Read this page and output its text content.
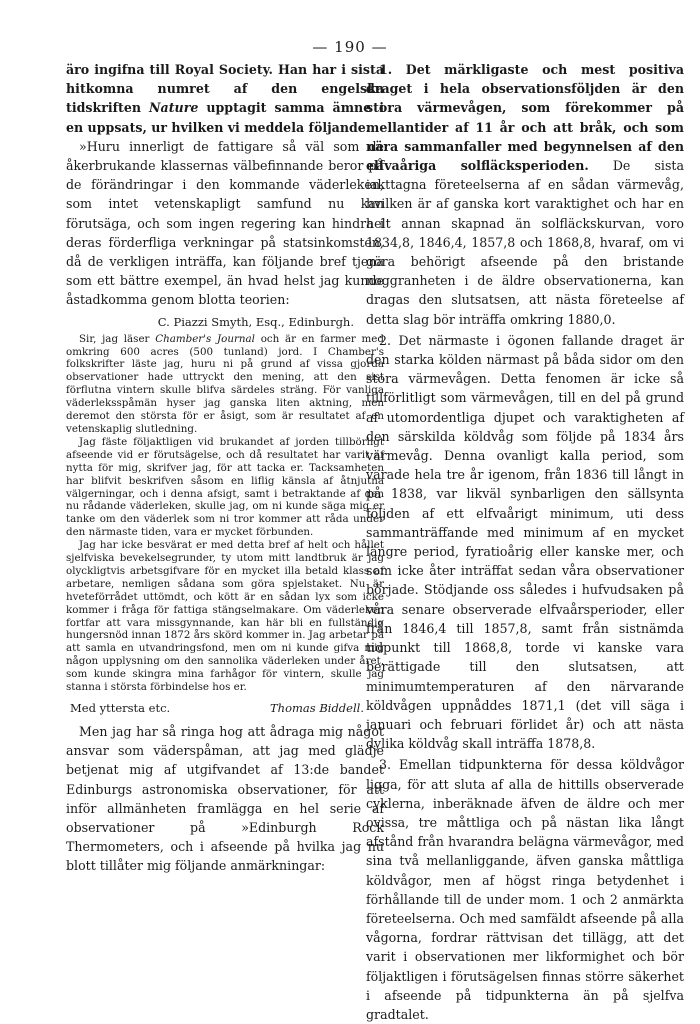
— 190 —

äro ingifna till Royal Society. Han har i sista hitkomna numret af den engelska tidskriften Nature upptagit samma ämne i en uppsats, ur hvilken vi meddela följande.

»Huru innerligt de fattigare så väl som de åkerbrukande klassernas välbefinnande beror på de förändringar i den kommande väderleken, som intet vetenskapligt samfund nu kan förutsäga, och som ingen regering kan hindra i deras förderfliga verkningar på statsinkomsten, då de verkligen inträffa, kan följande bref tjena som ett bättre exempel, än hvad helst jag kunde åstadkomma genom blotta teorien:

C. Piazzi Smyth, Esq., Edinburgh.

Sir, jag läser Chamber's Journal och är en farmer med omkring 600 acres (500 tunland) jord. I Chamber's folkskrifter läste jag, huru ni på grund af vissa gjorda observationer hade uttryckt den mening, att den sist förflutna vintern skulle blifva särdeles sträng. För vanliga väderleksspåmän hyser jag ganska liten aktning, men deremot den största för er åsigt, som är resultatet af en vetenskaplig slutledning.

Jag fäste följaktligen vid brukandet af jorden tillbörligt afseende vid er förutsägelse, och då resultatet har varit af nytta för mig, skrifver jag, för att tacka er. Tacksamheten har blifvit beskrifven såsom en liflig känsla af åtnjutna välgerningar, och i denna afsigt, samt i betraktande af den nu rådande väderleken, skulle jag, om ni kunde säga mig er tanke om den väderlek som ni tror kommer att råda under den närmaste tiden, vara er mycket förbunden.

Jag har icke besvärat er med detta bref af helt och hållet sjelfviska bevekelsegrunder, ty utom mitt landtbruk är jag olyckligtvis arbetsgifvare för en mycket illa betald klass af arbetare, nemligen sådana som göra spjelstaket. Nu är hveteförrådet uttömdt, och kött är en sådan lyx som icke kommer i fråga för fattiga stängselmakare. Om väderleken fortfar att vara missgynnande, kan här bli en fullständig hungersnöd innan 1872 års skörd kommer in. Jag arbetar på att samla en utvandringsfond, men om ni kunde gifva mig någon upplysning om den sannolika väderleken under året, som kunde skingra mina farhågor för vintern, skulle jag stanna i största förbindelse hos er.

Med yttersta etc.	Thomas Biddell.

Men jag har så ringa hog att ådraga mig något ansvar som väderspåman, att jag med glädje betjenat mig af utgifvandet af 13:de bandet Edinburgs astronomiska observationer, för att inför allmänheten framlägga en hel serie af observationer på »Edinburgh Rock Thermometers, och i afseende på hvilka jag nu blott tillåter mig följande anmärkningar:

1. Det märkligaste och mest positiva draget i hela observationsföljden är den stora värmevågen, som förekommer på mellantider af 11 år och att bråk, och som nära sammanfaller med begynnelsen af den elfvaåriga solfläcksperioden. De sista iakttagna företeelserna af en sådan värmevåg, hvilken är af ganska kort varaktighet och har en helt annan skapnad än solfläckskurvan, voro 1834,8, 1846,4, 1857,8 och 1868,8, hvaraf, om vi göra behörigt afseende på den bristande noggranheten i de äldre observationerna, kan dragas den slutsatsen, att nästa företeelse af detta slag bör inträffa omkring 1880,0.

2. Det närmaste i ögonen fallande draget är den starka kölden närmast på båda sidor om den stora värmevågen. Detta fenomen är icke så tillförlitligt som värmevågen, till en del på grund af utomordentliga djupet och varaktigheten af den särskilda köldvåg som följde på 1834 års värmevåg. Denna ovanligt kalla period, som varade hela tre år igenom, från 1836 till långt in på 1838, var likväl synbarligen den sällsynta följden af ett elfvaårigt minimum, uti dess sammanträffande med minimum af en mycket längre period, fyratioårig eller kanske mer, och som icke åter inträffat sedan våra observationer började. Stödjande oss således i hufvudsaken på våra senare observerade elfvaårsperioder, eller från 1846,4 till 1857,8, samt från sistnämda tidpunkt till 1868,8, torde vi kanske vara berättigade till den slutsatsen, att minimumtemperaturen af den närvarande köldvågen uppnåddes 1871,1 (det vill säga i januari och februari förlidet år) och att nästa dylika köldvåg skall inträffa 1878,8.

3. Emellan tidpunkterna för dessa köldvågor ligga, för att sluta af alla de hittills observerade cyklerna, inberäknade äfven de äldre och mer ovissa, tre måttliga och på nästan lika långt afstånd från hvarandra belägna värmevågor, med sina två mellanliggande, äfven ganska måttliga köldvågor, men af högst ringa betydenhet i förhållande till de under mom. 1 och 2 anmärkta företeelserna. Och med samfäldt afseende på alla vågorna, fordrar rättvisan det tillägg, att det varit i observationen mer likformighet och bör följaktligen i förutsägelsen finnas större säkerhet i afseende på tidpunkterna än på sjelfva gradtalet.
